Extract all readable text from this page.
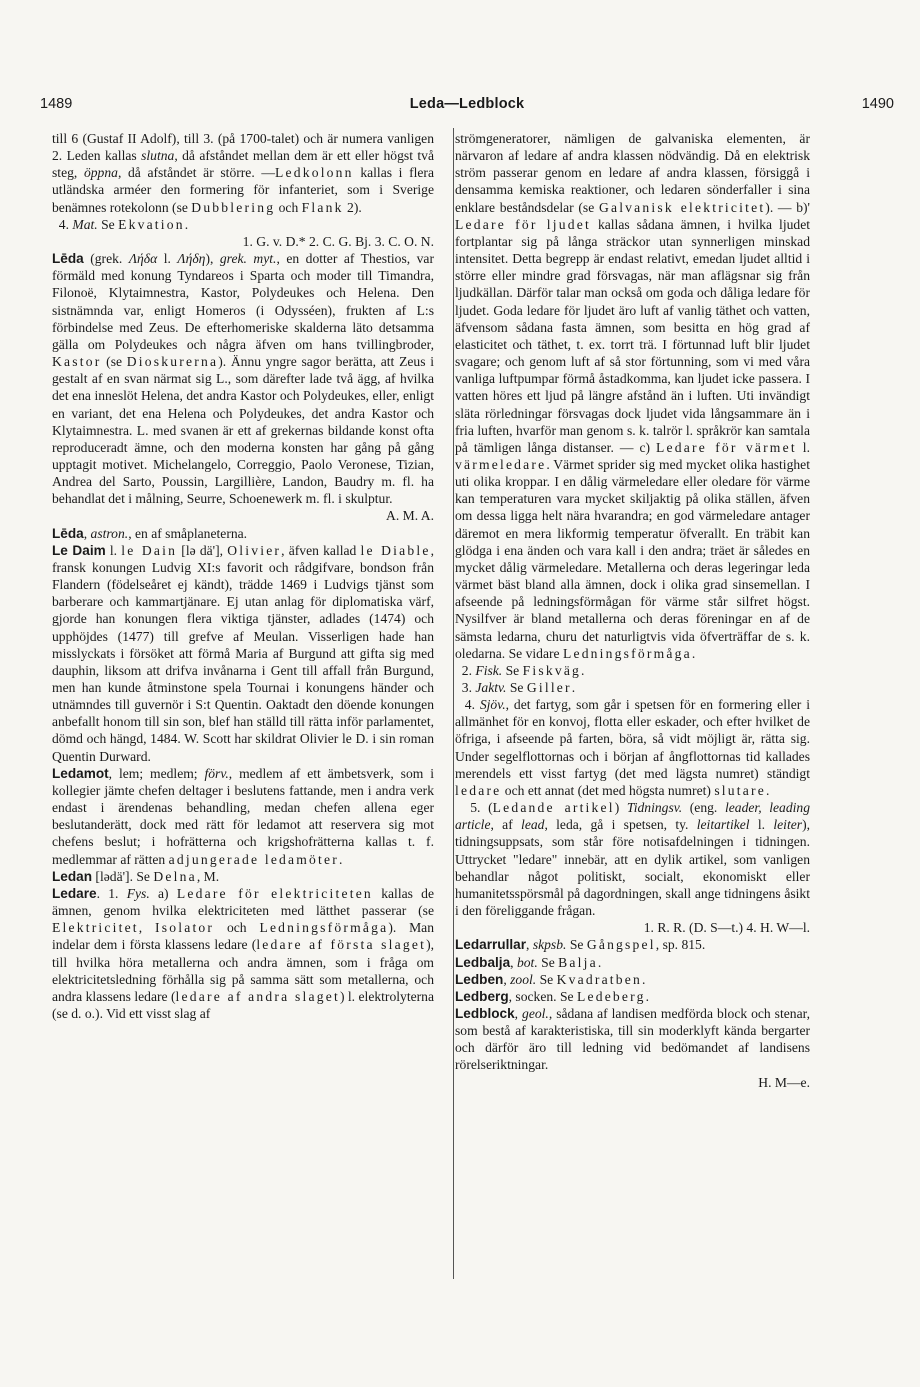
1489	Leda—Ledblock	1490

till 6 (Gustaf II Adolf), till 3. (på 1700-talet) och är numera vanligen 2. Leden kallas slutna, då afståndet mellan dem är ett eller högst två steg, öppna, då afståndet är större. —Ledkolonn kallas i flera utländska arméer den formering för infanteriet, som i Sverige benämnes rotekolonn (se Dubblering och Flank 2).

4. Mat. Se Ekvation.

1. G. v. D.* 2. C. G. Bj. 3. C. O. N.

Lēda (grek. Λήδα l. Λήδη), grek. myt., en dotter af Thestios, var förmäld med konung Tyndareos i Sparta och moder till Timandra, Filonoë, Klytaimnestra, Kastor, Polydeukes och Helena. Den sistnämnda var, enligt Homeros (i Odysséen), frukten af L:s förbindelse med Zeus. De efterhomeriske skalderna läto detsamma gälla om Polydeukes och några äfven om hans tvillingbroder, Kastor (se Dioskurerna). Ännu yngre sagor berätta, att Zeus i gestalt af en svan närmat sig L., som därefter lade två ägg, af hvilka det ena inneslöt Helena, det andra Kastor och Polydeukes, eller, enligt en variant, det ena Helena och Polydeukes, det andra Kastor och Klytaimnestra. L. med svanen är ett af grekernas bildande konst ofta reproduceradt ämne, och den moderna konsten har gång på gång upptagit motivet. Michelangelo, Correggio, Paolo Veronese, Tizian, Andrea del Sarto, Poussin, Largillière, Landon, Baudry m. fl. ha behandlat det i målning, Seurre, Schoenewerk m. fl. i skulptur.

A. M. A.

Lēda, astron., en af småplaneterna.

Le Daim l. le Dain [lə dä'], Olivier, äfven kallad le Diable, fransk konungen Ludvig XI:s favorit och rådgifvare, bondson från Flandern (födelseåret ej kändt), trädde 1469 i Ludvigs tjänst som barberare och kammartjänare. Ej utan anlag för diplomatiska värf, gjorde han konungen flera viktiga tjänster, adlades (1474) och upphöjdes (1477) till grefve af Meulan. Visserligen hade han misslyckats i försöket att förmå Maria af Burgund att gifta sig med dauphin, liksom att drifva invånarna i Gent till affall från Burgund, men han kunde åtminstone spela Tournai i konungens händer och utnämndes till guvernör i S:t Quentin. Oaktadt den döende konungen anbefallt honom till sin son, blef han ställd till rätta inför parlamentet, dömd och hängd, 1484. W. Scott har skildrat Olivier le D. i sin roman Quentin Durward.

Ledamot, lem; medlem; förv., medlem af ett ämbetsverk, som i kollegier jämte chefen deltager i beslutens fattande, men i andra verk endast i ärendenas behandling, medan chefen allena eger beslutanderätt, dock med rätt för ledamot att reservera sig mot chefens beslut; i hofrätterna och krigshofrätterna kallas t. f. medlemmar af rätten adjungerade ledamöter.

Ledan [lədä']. Se Delna, M.

Ledare. 1. Fys. a) Ledare för elektriciteten kallas de ämnen, genom hvilka elektriciteten med lätthet passerar (se Elektricitet, Isolator och Ledningsförmåga). Man indelar dem i första klassens ledare (ledare af första slaget), till hvilka höra metallerna och andra ämnen, som i fråga om elektricitetsledning förhålla sig på samma sätt som metallerna, och andra klassens ledare (ledare af andra slaget) l. elektrolyterna (se d. o.). Vid ett visst slag af

strömgeneratorer, nämligen de galvaniska elementen, är närvaron af ledare af andra klassen nödvändig. Då en elektrisk ström passerar genom en ledare af andra klassen, försiggå i densamma kemiska reaktioner, och ledaren sönderfaller i sina enklare beståndsdelar (se Galvanisk elektricitet). — b)' Ledare för ljudet kallas sådana ämnen, i hvilka ljudet fortplantar sig på långa sträckor utan synnerligen minskad intensitet. Detta begrepp är endast relativt, emedan ljudet alltid i större eller mindre grad försvagas, när man aflägsnar sig från ljudkällan. Därför talar man också om goda och dåliga ledare för ljudet. Goda ledare för ljudet äro luft af vanlig täthet och vatten, äfvensom sådana fasta ämnen, som besitta en hög grad af elasticitet och täthet, t. ex. torrt trä. I förtunnad luft blir ljudet svagare; och genom luft af så stor förtunning, som vi med våra vanliga luftpumpar förmå åstadkomma, kan ljudet icke passera. I vatten höres ett ljud på längre afstånd än i luften. Uti invändigt släta rörledningar försvagas dock ljudet vida långsammare än i fria luften, hvarför man genom s. k. talrör l. språkrör kan samtala på tämligen långa distanser. — c) Ledare för värmet l. värmeledare. Värmet sprider sig med mycket olika hastighet uti olika kroppar. I en dålig värmeledare eller oledare för värme kan temperaturen vara mycket skiljaktig på olika ställen, äfven om dessa ligga helt nära hvarandra; en god värmeledare antager däremot en mera likformig temperatur öfverallt. En träbit kan glödga i ena änden och vara kall i den andra; träet är således en mycket dålig värmeledare. Metallerna och deras legeringar leda värmet bäst bland alla ämnen, dock i olika grad sinsemellan. I afseende på ledningsförmågan för värme står silfret högst. Nysilfver är bland metallerna och deras föreningar en af de sämsta ledarna, churu det naturligtvis vida öfverträffar de s. k. oledarna. Se vidare Ledningsförmåga.

2. Fisk. Se Fiskväg.

3. Jaktv. Se Giller.

4. Sjöv., det fartyg, som går i spetsen för en formering eller i allmänhet för en konvoj, flotta eller eskader, och efter hvilket de öfriga, i afseende på farten, böra, så vidt möjligt är, rätta sig. Under segelflottornas och i början af ångflottornas tid kallades merendels ett visst fartyg (det med lägsta numret) ständigt ledare och ett annat (det med högsta numret) slutare.

5. (Ledande artikel) Tidningsv. (eng. leader, leading article, af lead, leda, gå i spetsen, ty. leitartikel l. leiter), tidningsuppsats, som står före notisafdelningen i tidningen. Uttrycket "ledare" innebär, att en dylik artikel, som vanligen behandlar något politiskt, socialt, ekonomiskt eller humanitetsspörsmål på dagordningen, skall ange tidningens åsikt i den föreliggande frågan.

1. R. R. (D. S—t.) 4. H. W—l.

Ledarrullar, skpsb. Se Gångspel, sp. 815.

Ledbalja, bot. Se Balja.

Ledben, zool. Se Kvadratben.

Ledberg, socken. Se Ledeberg.

Ledblock, geol., sådana af landisen medförda block och stenar, som bestå af karakteristiska, till sin moderklyft kända bergarter och därför äro till ledning vid bedömandet af landisens rörelseriktningar.

H. M—e.
